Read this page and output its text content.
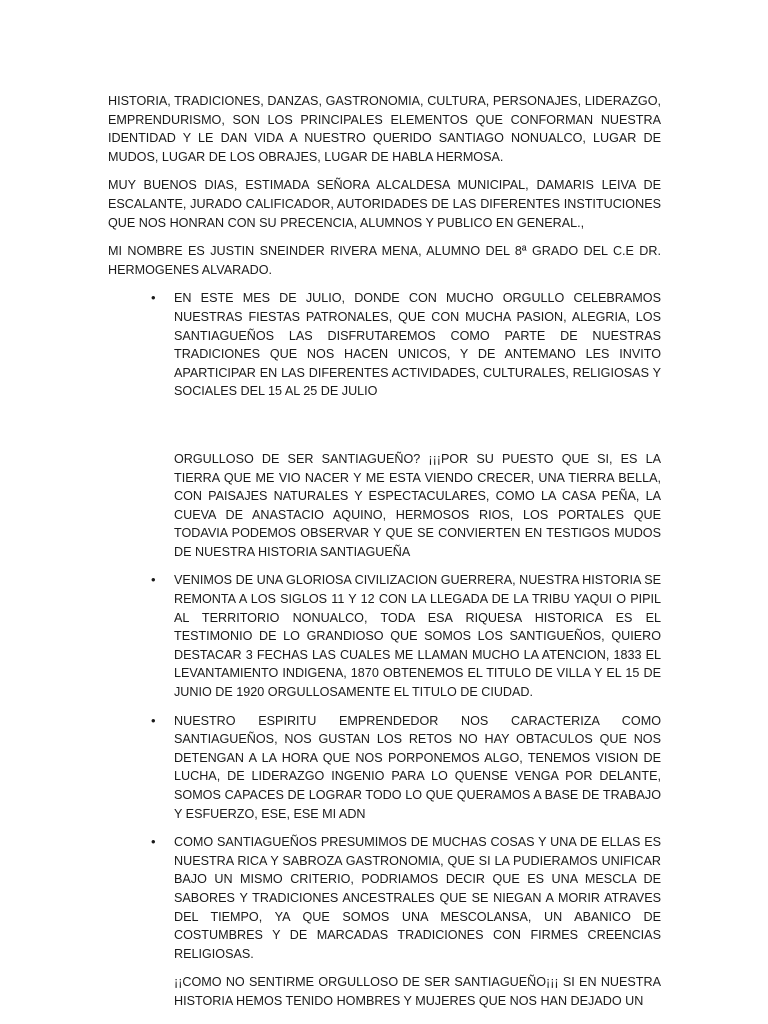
HISTORIA, TRADICIONES, DANZAS, GASTRONOMIA, CULTURA, PERSONAJES, LIDERAZGO, EMPRENDURISMO, SON LOS PRINCIPALES ELEMENTOS QUE CONFORMAN NUESTRA IDENTIDAD Y LE DAN VIDA A NUESTRO QUERIDO SANTIAGO NONUALCO, LUGAR DE MUDOS, LUGAR DE LOS OBRAJES, LUGAR DE HABLA HERMOSA.

MUY BUENOS DIAS, ESTIMADA SEÑORA ALCALDESA MUNICIPAL, DAMARIS LEIVA DE ESCALANTE, JURADO CALIFICADOR, AUTORIDADES DE LAS DIFERENTES INSTITUCIONES QUE NOS HONRAN CON SU PRECENCIA, ALUMNOS Y PUBLICO EN GENERAL.,

MI NOMBRE ES JUSTIN SNEINDER RIVERA MENA, ALUMNO DEL 8ª GRADO DEL C.E DR. HERMOGENES ALVARADO.

• EN ESTE MES DE JULIO, DONDE CON MUCHO ORGULLO CELEBRAMOS NUESTRAS FIESTAS PATRONALES, QUE CON MUCHA PASION, ALEGRIA, LOS SANTIAGUEÑOS LAS DISFRUTAREMOS COMO PARTE DE NUESTRAS TRADICIONES QUE NOS HACEN UNICOS, Y DE ANTEMANO LES INVITO APARTICIPAR EN LAS DIFERENTES ACTIVIDADES, CULTURALES, RELIGIOSAS Y SOCIALES DEL 15 AL 25 DE JULIO

ORGULLOSO DE SER SANTIAGUEÑO? ¡¡¡POR SU PUESTO QUE SI, ES LA TIERRA QUE ME VIO NACER Y ME ESTA VIENDO CRECER, UNA TIERRA BELLA, CON PAISAJES NATURALES Y ESPECTACULARES, COMO LA CASA PEÑA, LA CUEVA DE ANASTACIO AQUINO, HERMOSOS RIOS, LOS PORTALES QUE TODAVIA PODEMOS OBSERVAR Y QUE SE CONVIERTEN EN TESTIGOS MUDOS DE NUESTRA HISTORIA SANTIAGUEÑA

• VENIMOS DE UNA GLORIOSA CIVILIZACION GUERRERA, NUESTRA HISTORIA SE REMONTA A LOS SIGLOS 11 Y 12 CON LA LLEGADA DE LA TRIBU YAQUI O PIPIL AL TERRITORIO NONUALCO, TODA ESA RIQUESA HISTORICA ES EL TESTIMONIO DE LO GRANDIOSO QUE SOMOS LOS SANTIGUEÑOS, QUIERO DESTACAR 3 FECHAS LAS CUALES ME LLAMAN MUCHO LA ATENCION, 1833 EL LEVANTAMIENTO INDIGENA, 1870 OBTENEMOS EL TITULO DE VILLA Y EL 15 DE JUNIO DE 1920 ORGULLOSAMENTE EL TITULO DE CIUDAD.

• NUESTRO ESPIRITU EMPRENDEDOR NOS CARACTERIZA COMO SANTIAGUEÑOS, NOS GUSTAN LOS RETOS NO HAY OBTACULOS QUE NOS DETENGAN A LA HORA QUE NOS PORPONEMOS ALGO, TENEMOS VISION DE LUCHA, DE LIDERAZGO INGENIO PARA LO QUENSE VENGA POR DELANTE, SOMOS CAPACES DE LOGRAR TODO LO QUE QUERAMOS A BASE DE TRABAJO Y ESFUERZO, ESE, ESE MI ADN

• COMO SANTIAGUEÑOS PRESUMIMOS DE MUCHAS COSAS Y UNA DE ELLAS ES NUESTRA RICA Y SABROZA GASTRONOMIA, QUE SI LA PUDIERAMOS UNIFICAR BAJO UN MISMO CRITERIO, PODRIAMOS DECIR QUE ES UNA MESCLA DE SABORES Y TRADICIONES ANCESTRALES QUE SE NIEGAN A MORIR ATRAVES DEL TIEMPO, YA QUE SOMOS UNA MESCOLANSA, UN ABANICO DE COSTUMBRES Y DE MARCADAS TRADICIONES CON FIRMES CREENCIAS RELIGIOSAS.

¡¡COMO NO SENTIRME ORGULLOSO DE SER SANTIAGUEÑO¡¡¡ SI EN NUESTRA HISTORIA HEMOS TENIDO HOMBRES Y MUJERES QUE NOS HAN DEJADO UN
